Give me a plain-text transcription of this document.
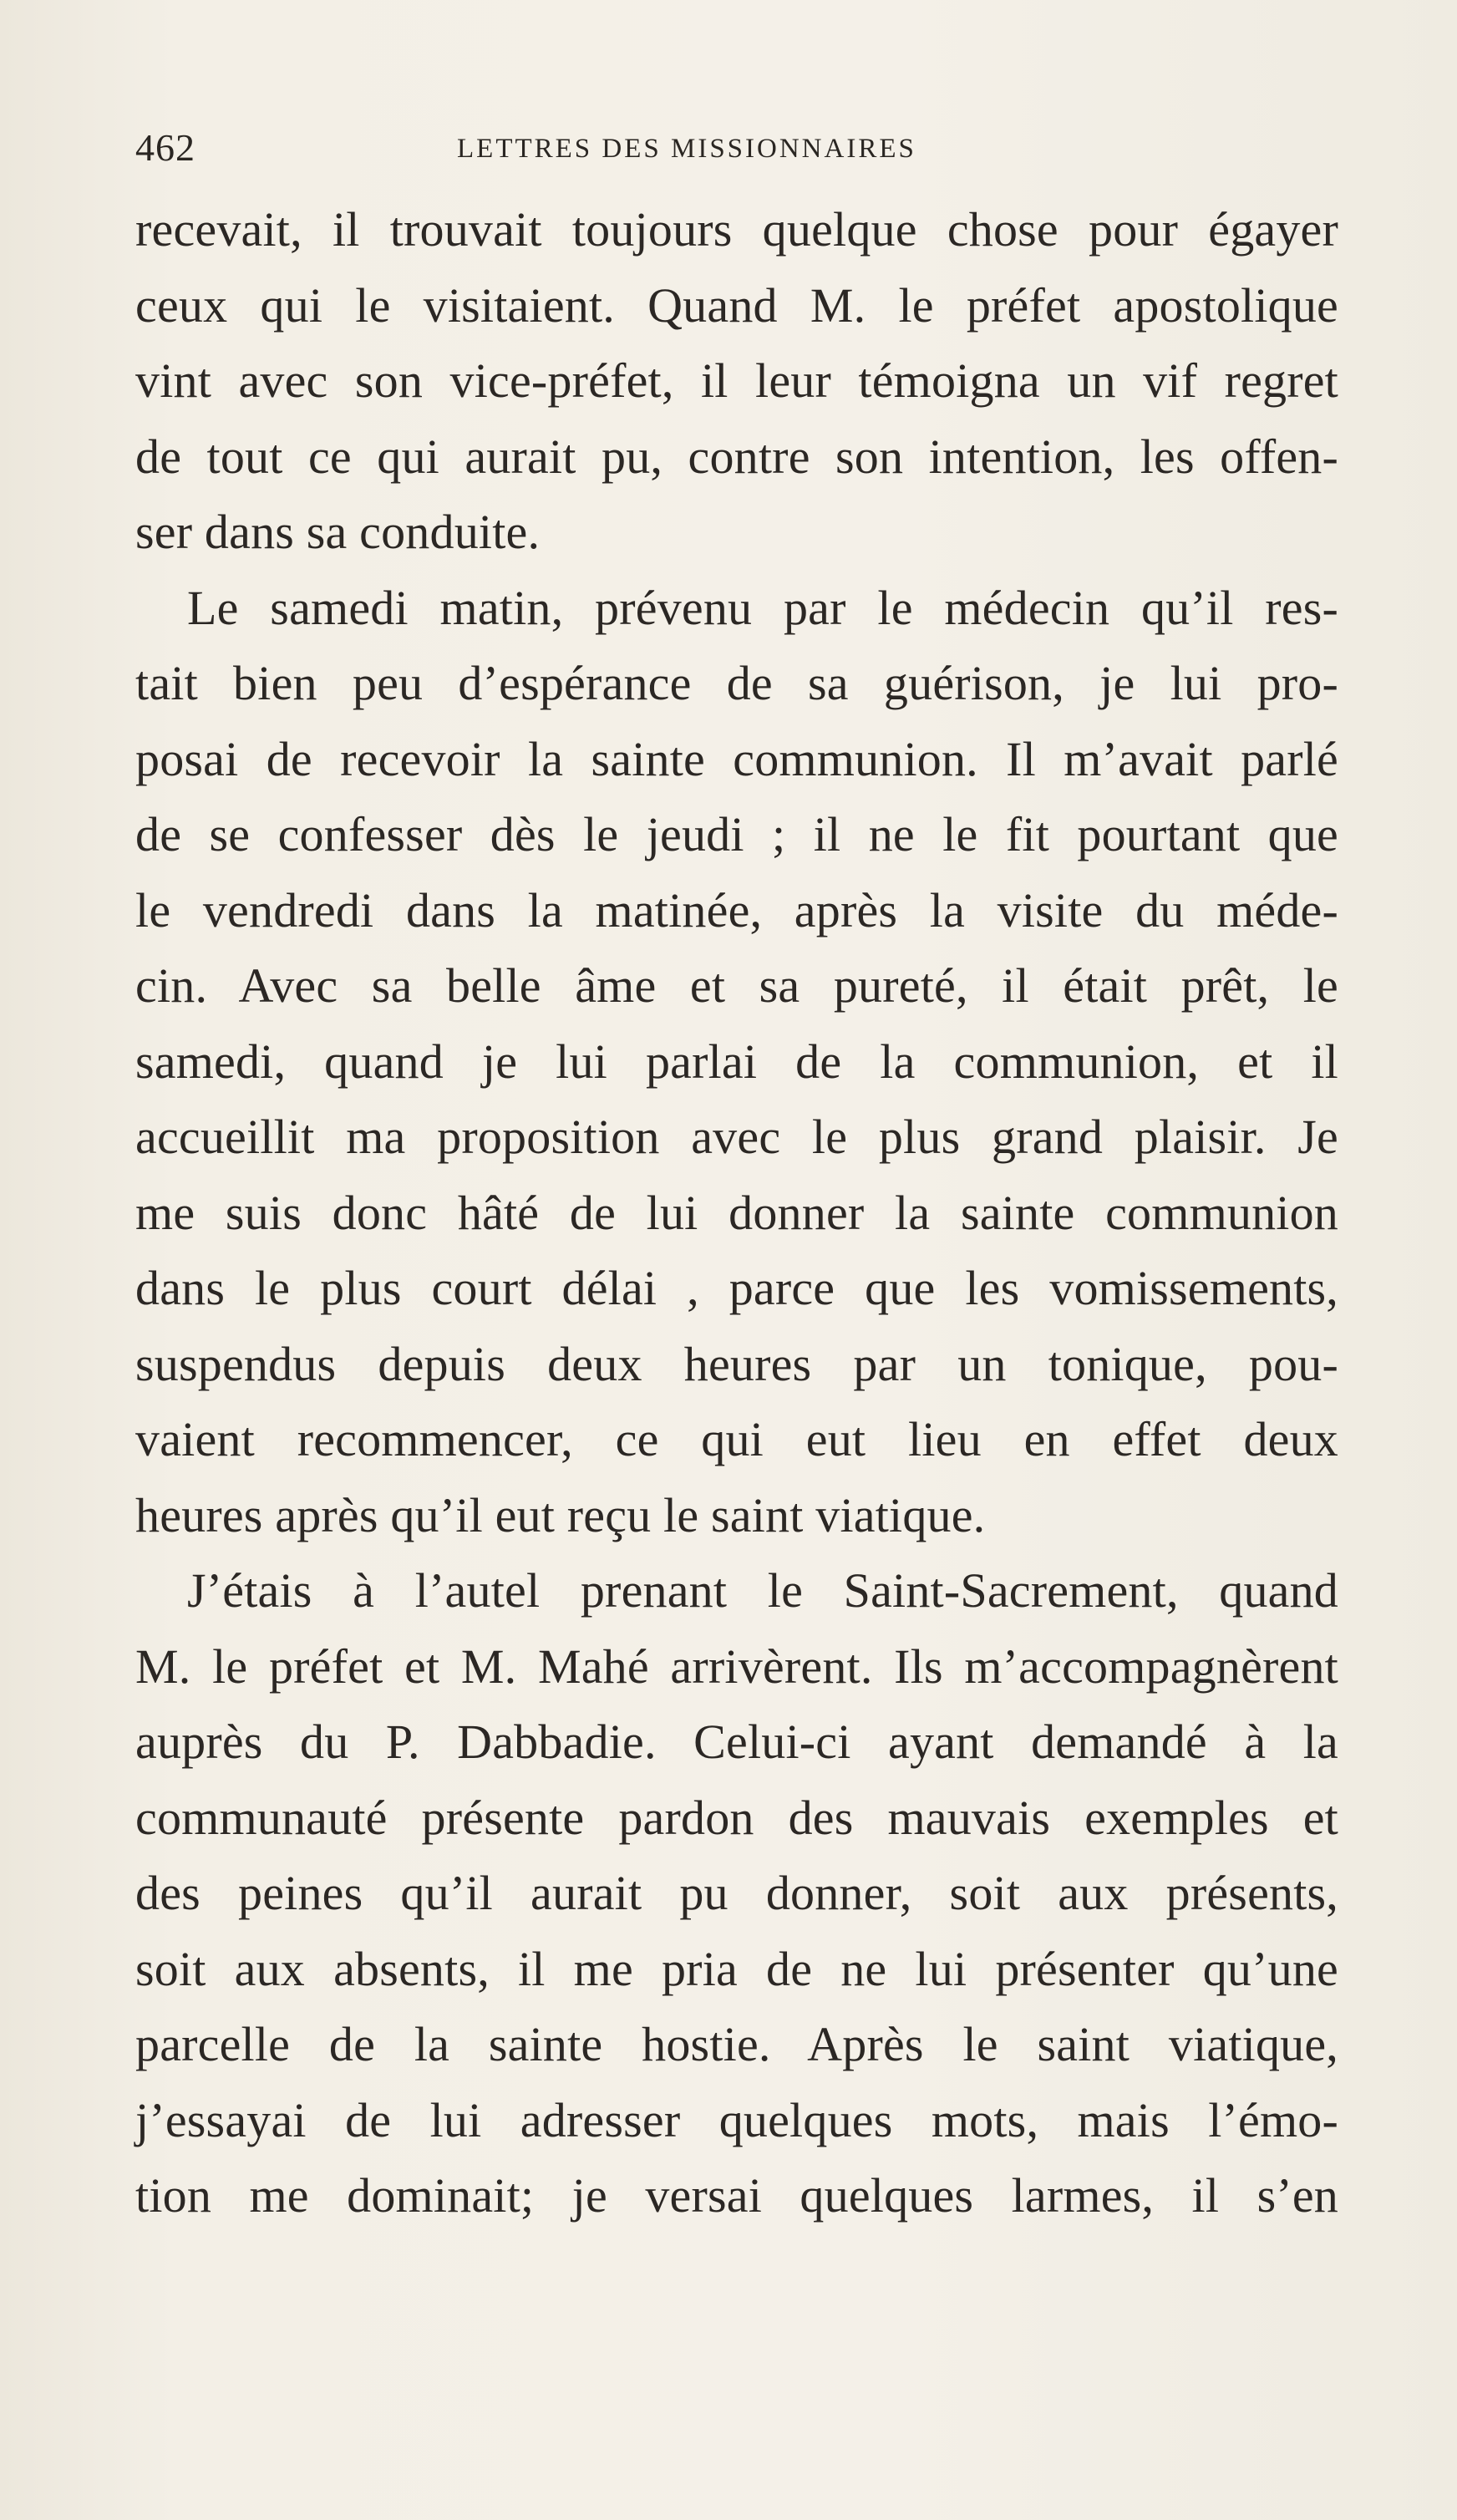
462	LETTRES DES MISSIONNAIRES
recevait, il trouvait toujours quelque chose pour égayer
ceux qui le visitaient. Quand M. le préfet apostolique
vint avec son vice-préfet, il leur témoigna un vif regret
de tout ce qui aurait pu, contre son intention, les offen-
ser dans sa conduite.
Le samedi matin, prévenu par le médecin qu’il res-
tait bien peu d’espérance de sa guérison, je lui pro-
posai de recevoir la sainte communion. Il m’avait parlé
de se confesser dès le jeudi ; il ne le fit pourtant que
le vendredi dans la matinée, après la visite du méde-
cin. Avec sa belle âme et sa pureté, il était prêt, le
samedi, quand je lui parlai de la communion, et il
accueillit ma proposition avec le plus grand plaisir. Je
me suis donc hâté de lui donner la sainte communion
dans le plus court délai , parce que les vomissements,
suspendus depuis deux heures par un tonique, pou-
vaient recommencer, ce qui eut lieu en effet deux
heures après qu’il eut reçu le saint viatique.
J’étais à l’autel prenant le Saint-Sacrement, quand
M. le préfet et M. Mahé arrivèrent. Ils m’accompagnèrent
auprès du P. Dabbadie. Celui-ci ayant demandé à la
communauté présente pardon des mauvais exemples et
des peines qu’il aurait pu donner, soit aux présents,
soit aux absents, il me pria de ne lui présenter qu’une
parcelle de la sainte hostie. Après le saint viatique,
j’essayai de lui adresser quelques mots, mais l’émo-
tion me dominait; je versai quelques larmes, il s’en
